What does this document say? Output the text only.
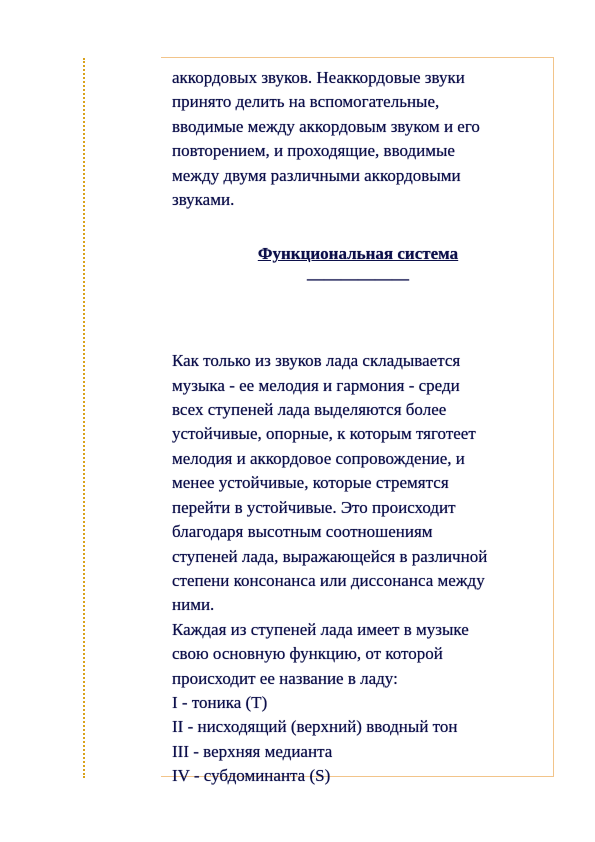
аккордовых звуков. Неаккордовые звуки
принято делить на вспомогательные,
вводимые между аккордовым звуком и его
повторением, и проходящие, вводимые
между двумя различными аккордовыми
звуками.

Функциональная система

——————

Как только из звуков лада складывается
музыка - ее мелодия и гармония - среди
всех ступеней лада выделяются более
устойчивые, опорные, к которым тяготеет
мелодия и аккордовое сопровождение, и
менее устойчивые, которые стремятся
перейти в устойчивые. Это происходит
благодаря высотным соотношениям
ступеней лада, выражающейся в различной
степени консонанса или диссонанса между
ними.

Каждая из ступеней лада имеет в музыке
свою основную функцию, от которой
происходит ее название в ладу:

I - тоника (Т)
II - нисходящий (верхний) вводный тон
III - верхняя медианта
IV - субдоминанта (S)
